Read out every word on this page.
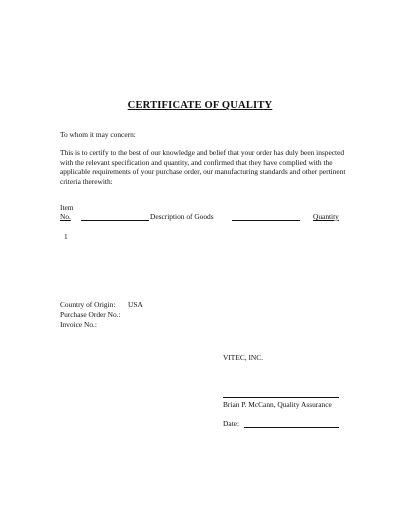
CERTIFICATE OF QUALITY
To whom it may concern:
This is to certify to the best of our knowledge and belief that your order has duly been inspected with the relevant specification and quantity, and confirmed that they have complied with the applicable requirements of your purchase order, our manufacturing standards and other pertinent criteria therewith:
Item
No.	Description of Goods	Quantity
1
Country of Origin: USA
Purchase Order No.:
Invoice No.:
VITEC, INC.
Brian P. McCann, Quality Assurance
Date:
